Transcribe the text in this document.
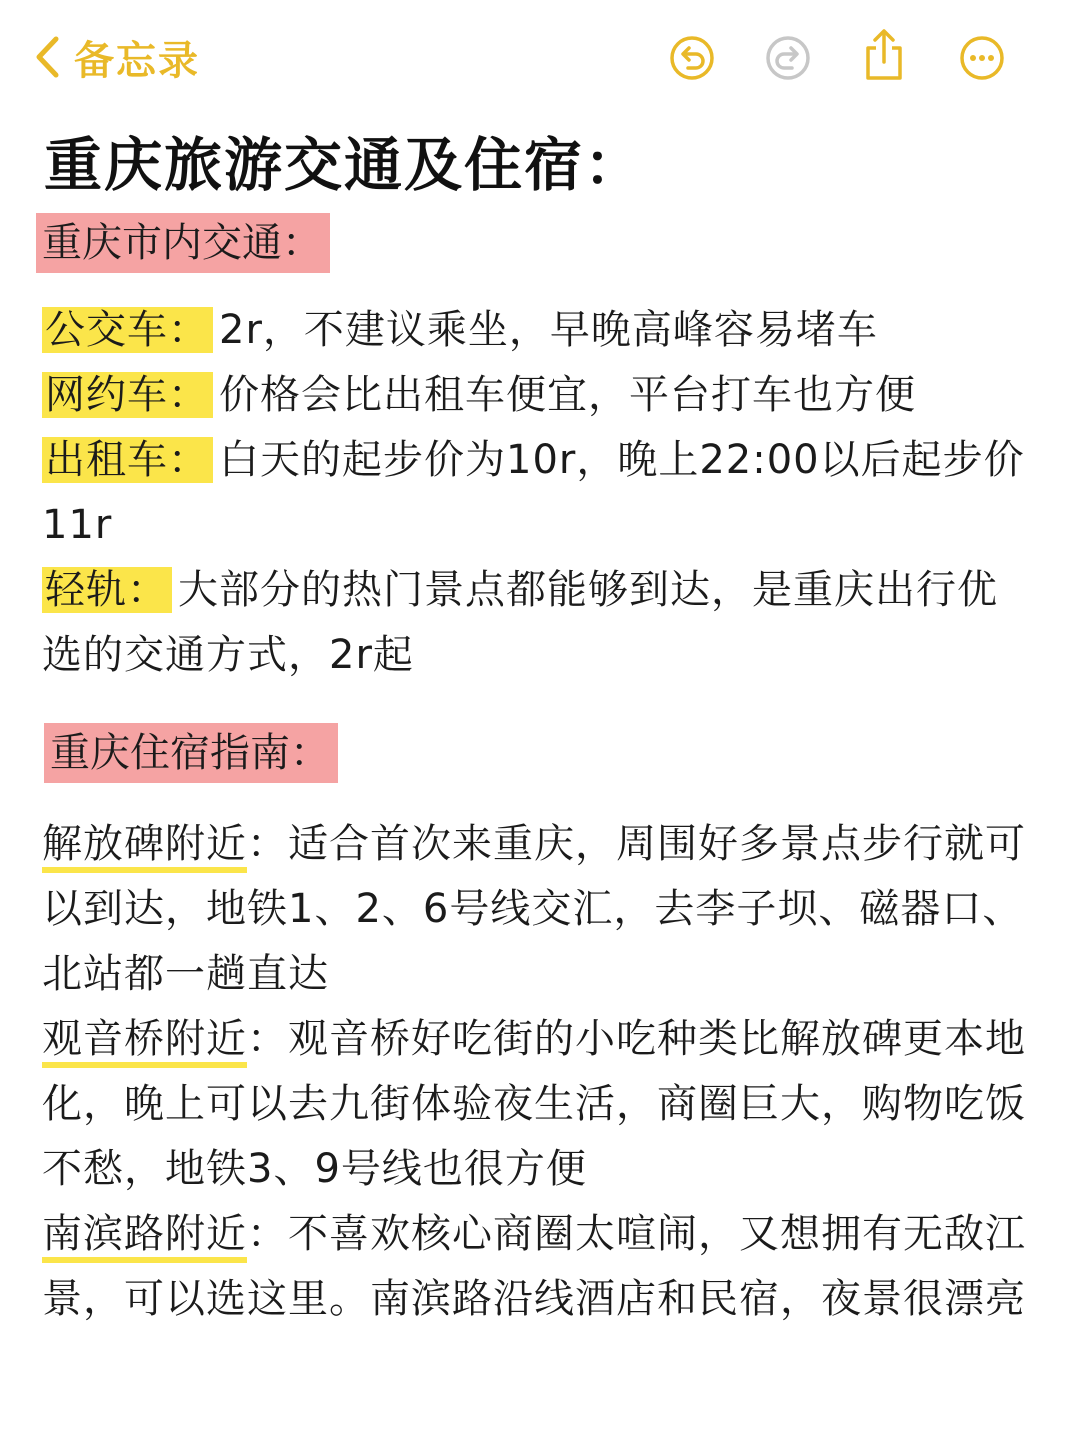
备忘录
重庆旅游交通及住宿：
重庆市内交通：
公交车： 2r，不建议乘坐，早晚高峰容易堵车
网约车： 价格会比出租车便宜，平台打车也方便
出租车： 白天的起步价为10r，晚上22:00以后起步价11r
轻轨： 大部分的热门景点都能够到达，是重庆出行优选的交通方式，2r起
重庆住宿指南：
解放碑附近：适合首次来重庆，周围好多景点步行就可以到达，地铁1、2、6号线交汇，去李子坝、磁器口、北站都一趟直达
观音桥附近：观音桥好吃街的小吃种类比解放碑更本地化，晚上可以去九街体验夜生活，商圈巨大，购物吃饭不愁，地铁3、9号线也很方便
南滨路附近：不喜欢核心商圈太喧闹，又想拥有无敌江景，可以选这里。南滨路沿线酒店和民宿，夜景很漂亮
